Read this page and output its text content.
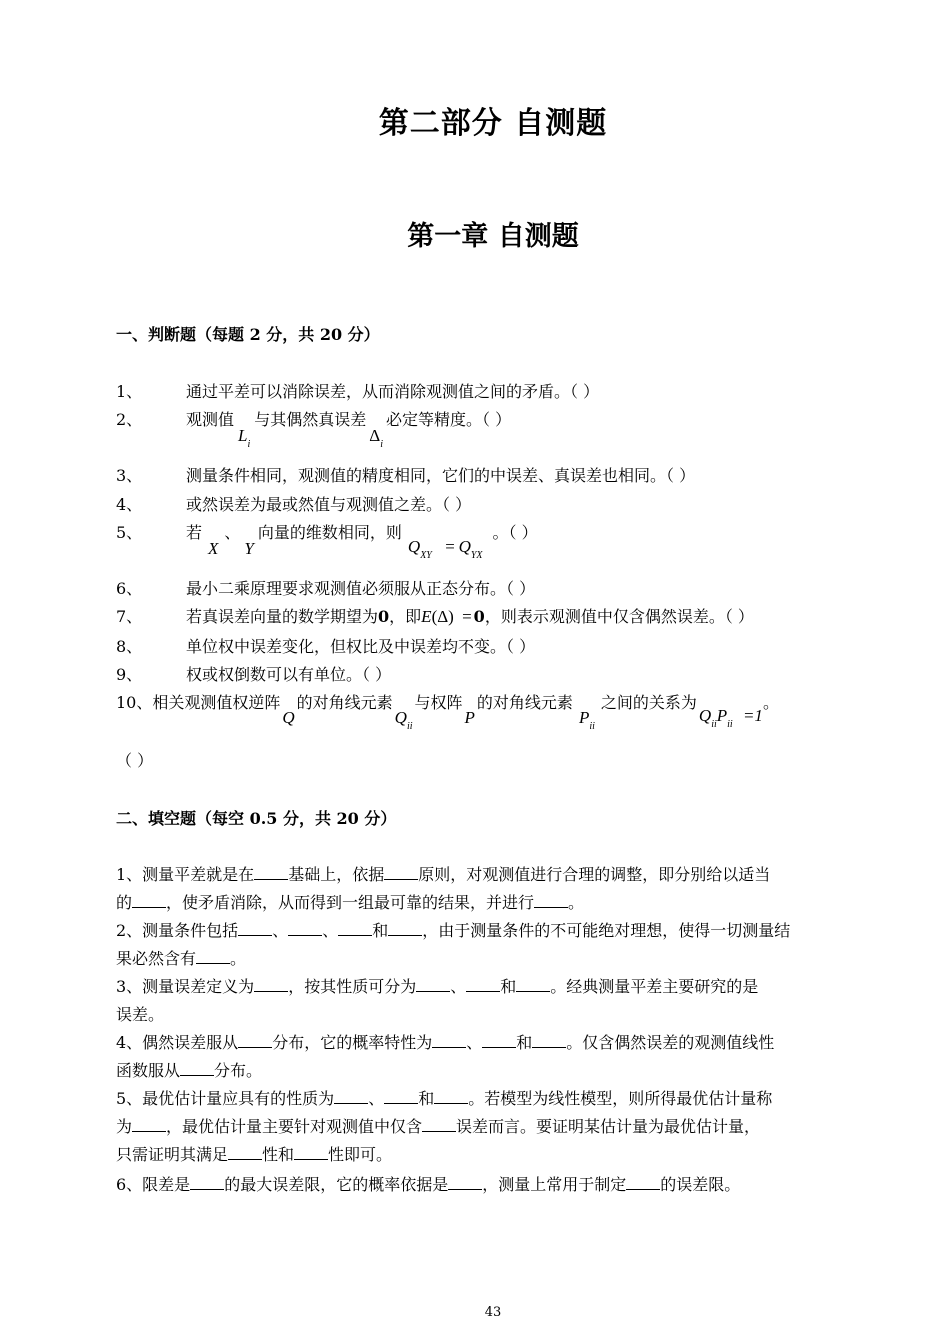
第二部分 自测题
第一章 自测题
一、判断题（每题 2 分，共 20 分）
1、	通过平差可以消除误差，从而消除观测值之间的矛盾。（ ）
2、	观测值$L_i$与其偶然真误差$\Delta_i$必定等精度。（ ）
3、	测量条件相同，观测值的精度相同，它们的中误差、真误差也相同。（ ）
4、	或然误差为最或然值与观测值之差。（ ）
5、	若X、Y向量的维数相同，则$Q_{XY} = Q_{YX}$。（ ）
6、	最小二乘原理要求观测值必须服从正态分布。（ ）
7、	若真误差向量的数学期望为0，即E(Δ) = 0，则表示观测值中仅含偶然误差。（ ）
8、	单位权中误差变化，但权比及中误差均不变。（ ）
9、	权或权倒数可以有单位。（ ）
10、相关观测值权逆阵Q的对角线元素$Q_{ii}$与权阵P的对角线元素$P_{ii}$之间的关系为$Q_{ii}P_{ii} =1$。
（ ）
二、填空题（每空 0.5 分，共 20 分）
1、测量平差就是在 基础上，依据 原则，对观测值进行合理的调整，即分别给以适当
的 ，使矛盾消除，从而得到一组最可靠的结果，并进行 。
2、测量条件包括 、 、 和 ，由于测量条件的不可能绝对理想，使得一切测量结
果必然含有 。
3、测量误差定义为 ，按其性质可分为 、 和 。经典测量平差主要研究的是
误差。
4、偶然误差服从 分布，它的概率特性为 、 和 。仅含偶然误差的观测值线性
函数服从 分布。
5、最优估计量应具有的性质为 、 和 。若模型为线性模型，则所得最优估计量称
为 ，最优估计量主要针对观测值中仅含 误差而言。要证明某估计量为最优估计量，
只需证明其满足 性和 性即可。
6、限差是 的最大误差限，它的概率依据是 ，测量上常用于制定 的误差限。
43
